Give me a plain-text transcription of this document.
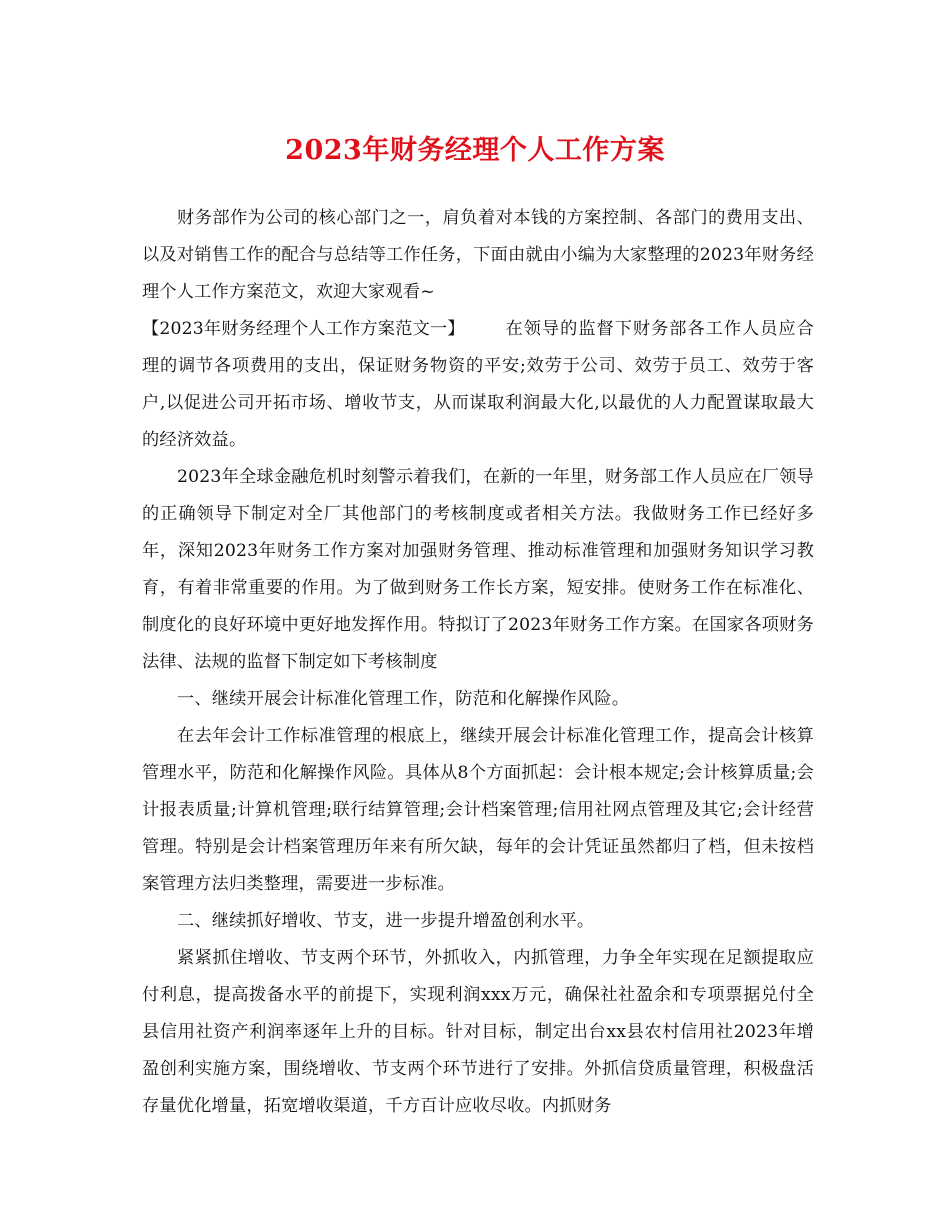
2023年财务经理个人工作方案

财务部作为公司的核心部门之一，肩负着对本钱的方案控制、各部门的费用支出、以及对销售工作的配合与总结等工作任务，下面由就由小编为大家整理的2023年财务经理个人工作方案范文，欢迎大家观看~

【2023年财务经理个人工作方案范文一】 在领导的监督下财务部各工作人员应合理的调节各项费用的支出，保证财务物资的平安;效劳于公司、效劳于员工、效劳于客户,以促进公司开拓市场、增收节支，从而谋取利润最大化,以最优的人力配置谋取最大的经济效益。

2023年全球金融危机时刻警示着我们，在新的一年里，财务部工作人员应在厂领导的正确领导下制定对全厂其他部门的考核制度或者相关方法。我做财务工作已经好多年，深知2023年财务工作方案对加强财务管理、推动标准管理和加强财务知识学习教育，有着非常重要的作用。为了做到财务工作长方案，短安排。使财务工作在标准化、制度化的良好环境中更好地发挥作用。特拟订了2023年财务工作方案。在国家各项财务法律、法规的监督下制定如下考核制度

一、继续开展会计标准化管理工作，防范和化解操作风险。

在去年会计工作标准管理的根底上，继续开展会计标准化管理工作，提高会计核算管理水平，防范和化解操作风险。具体从8个方面抓起：会计根本规定;会计核算质量;会计报表质量;计算机管理;联行结算管理;会计档案管理;信用社网点管理及其它;会计经营管理。特别是会计档案管理历年来有所欠缺，每年的会计凭证虽然都归了档，但未按档案管理方法归类整理，需要进一步标准。

二、继续抓好增收、节支，进一步提升增盈创利水平。

紧紧抓住增收、节支两个环节，外抓收入，内抓管理，力争全年实现在足额提取应付利息，提高拨备水平的前提下，实现利润xxx万元，确保社社盈余和专项票据兑付全县信用社资产利润率逐年上升的目标。针对目标，制定出台xx县农村信用社2023年增盈创利实施方案，围绕增收、节支两个环节进行了安排。外抓信贷质量管理，积极盘活存量优化增量，拓宽增收渠道，千方百计应收尽收。内抓财务
